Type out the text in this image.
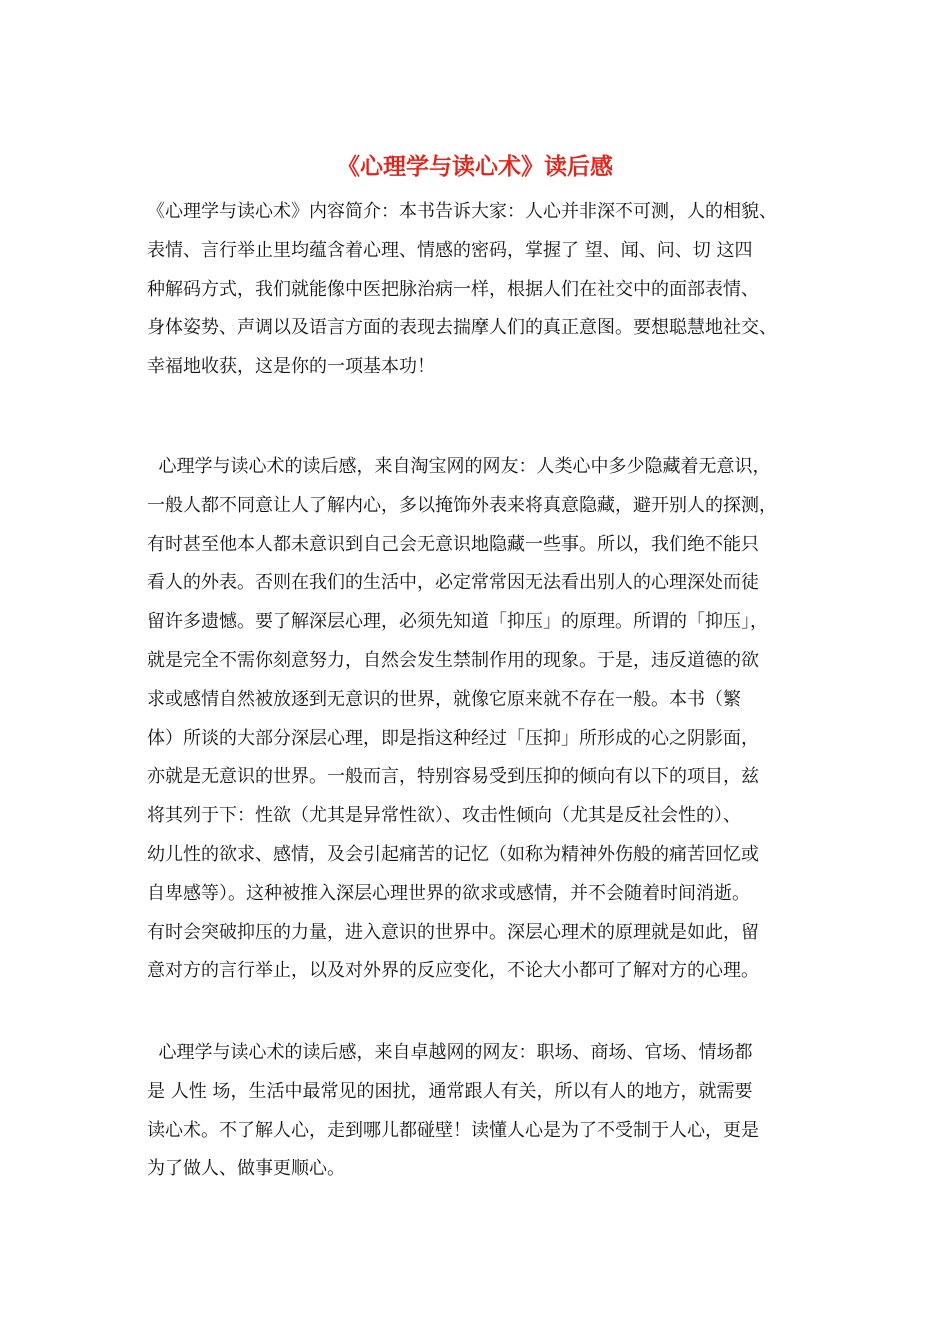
《心理学与读心术》读后感
《心理学与读心术》内容简介：本书告诉大家：人心并非深不可测，人的相貌、
表情、言行举止里均蕴含着心理、情感的密码，掌握了 望、闻、问、切 这四
种解码方式，我们就能像中医把脉治病一样，根据人们在社交中的面部表情、
身体姿势、声调以及语言方面的表现去揣摩人们的真正意图。要想聪慧地社交、
幸福地收获，这是你的一项基本功！
心理学与读心术的读后感，来自淘宝网的网友：人类心中多少隐藏着无意识，
一般人都不同意让人了解内心，多以掩饰外表来将真意隐藏，避开别人的探测，
有时甚至他本人都未意识到自己会无意识地隐藏一些事。所以，我们绝不能只
看人的外表。否则在我们的生活中，必定常常因无法看出别人的心理深处而徒
留许多遗憾。要了解深层心理，必须先知道「抑压」的原理。所谓的「抑压」，
就是完全不需你刻意努力，自然会发生禁制作用的现象。于是，违反道德的欲
求或感情自然被放逐到无意识的世界，就像它原来就不存在一般。本书（繁
体）所谈的大部分深层心理，即是指这种经过「压抑」所形成的心之阴影面，
亦就是无意识的世界。一般而言，特别容易受到压抑的倾向有以下的项目，兹
将其列于下：性欲（尤其是异常性欲）、攻击性倾向（尤其是反社会性的）、
幼儿性的欲求、感情，及会引起痛苦的记忆（如称为精神外伤般的痛苦回忆或
自卑感等）。这种被推入深层心理世界的欲求或感情，并不会随着时间消逝。
有时会突破抑压的力量，进入意识的世界中。深层心理术的原理就是如此，留
意对方的言行举止，以及对外界的反应变化，不论大小都可了解对方的心理。
心理学与读心术的读后感，来自卓越网的网友：职场、商场、官场、情场都
是 人性 场，生活中最常见的困扰，通常跟人有关，所以有人的地方，就需要
读心术。不了解人心，走到哪儿都碰壁！读懂人心是为了不受制于人心，更是
为了做人、做事更顺心。
